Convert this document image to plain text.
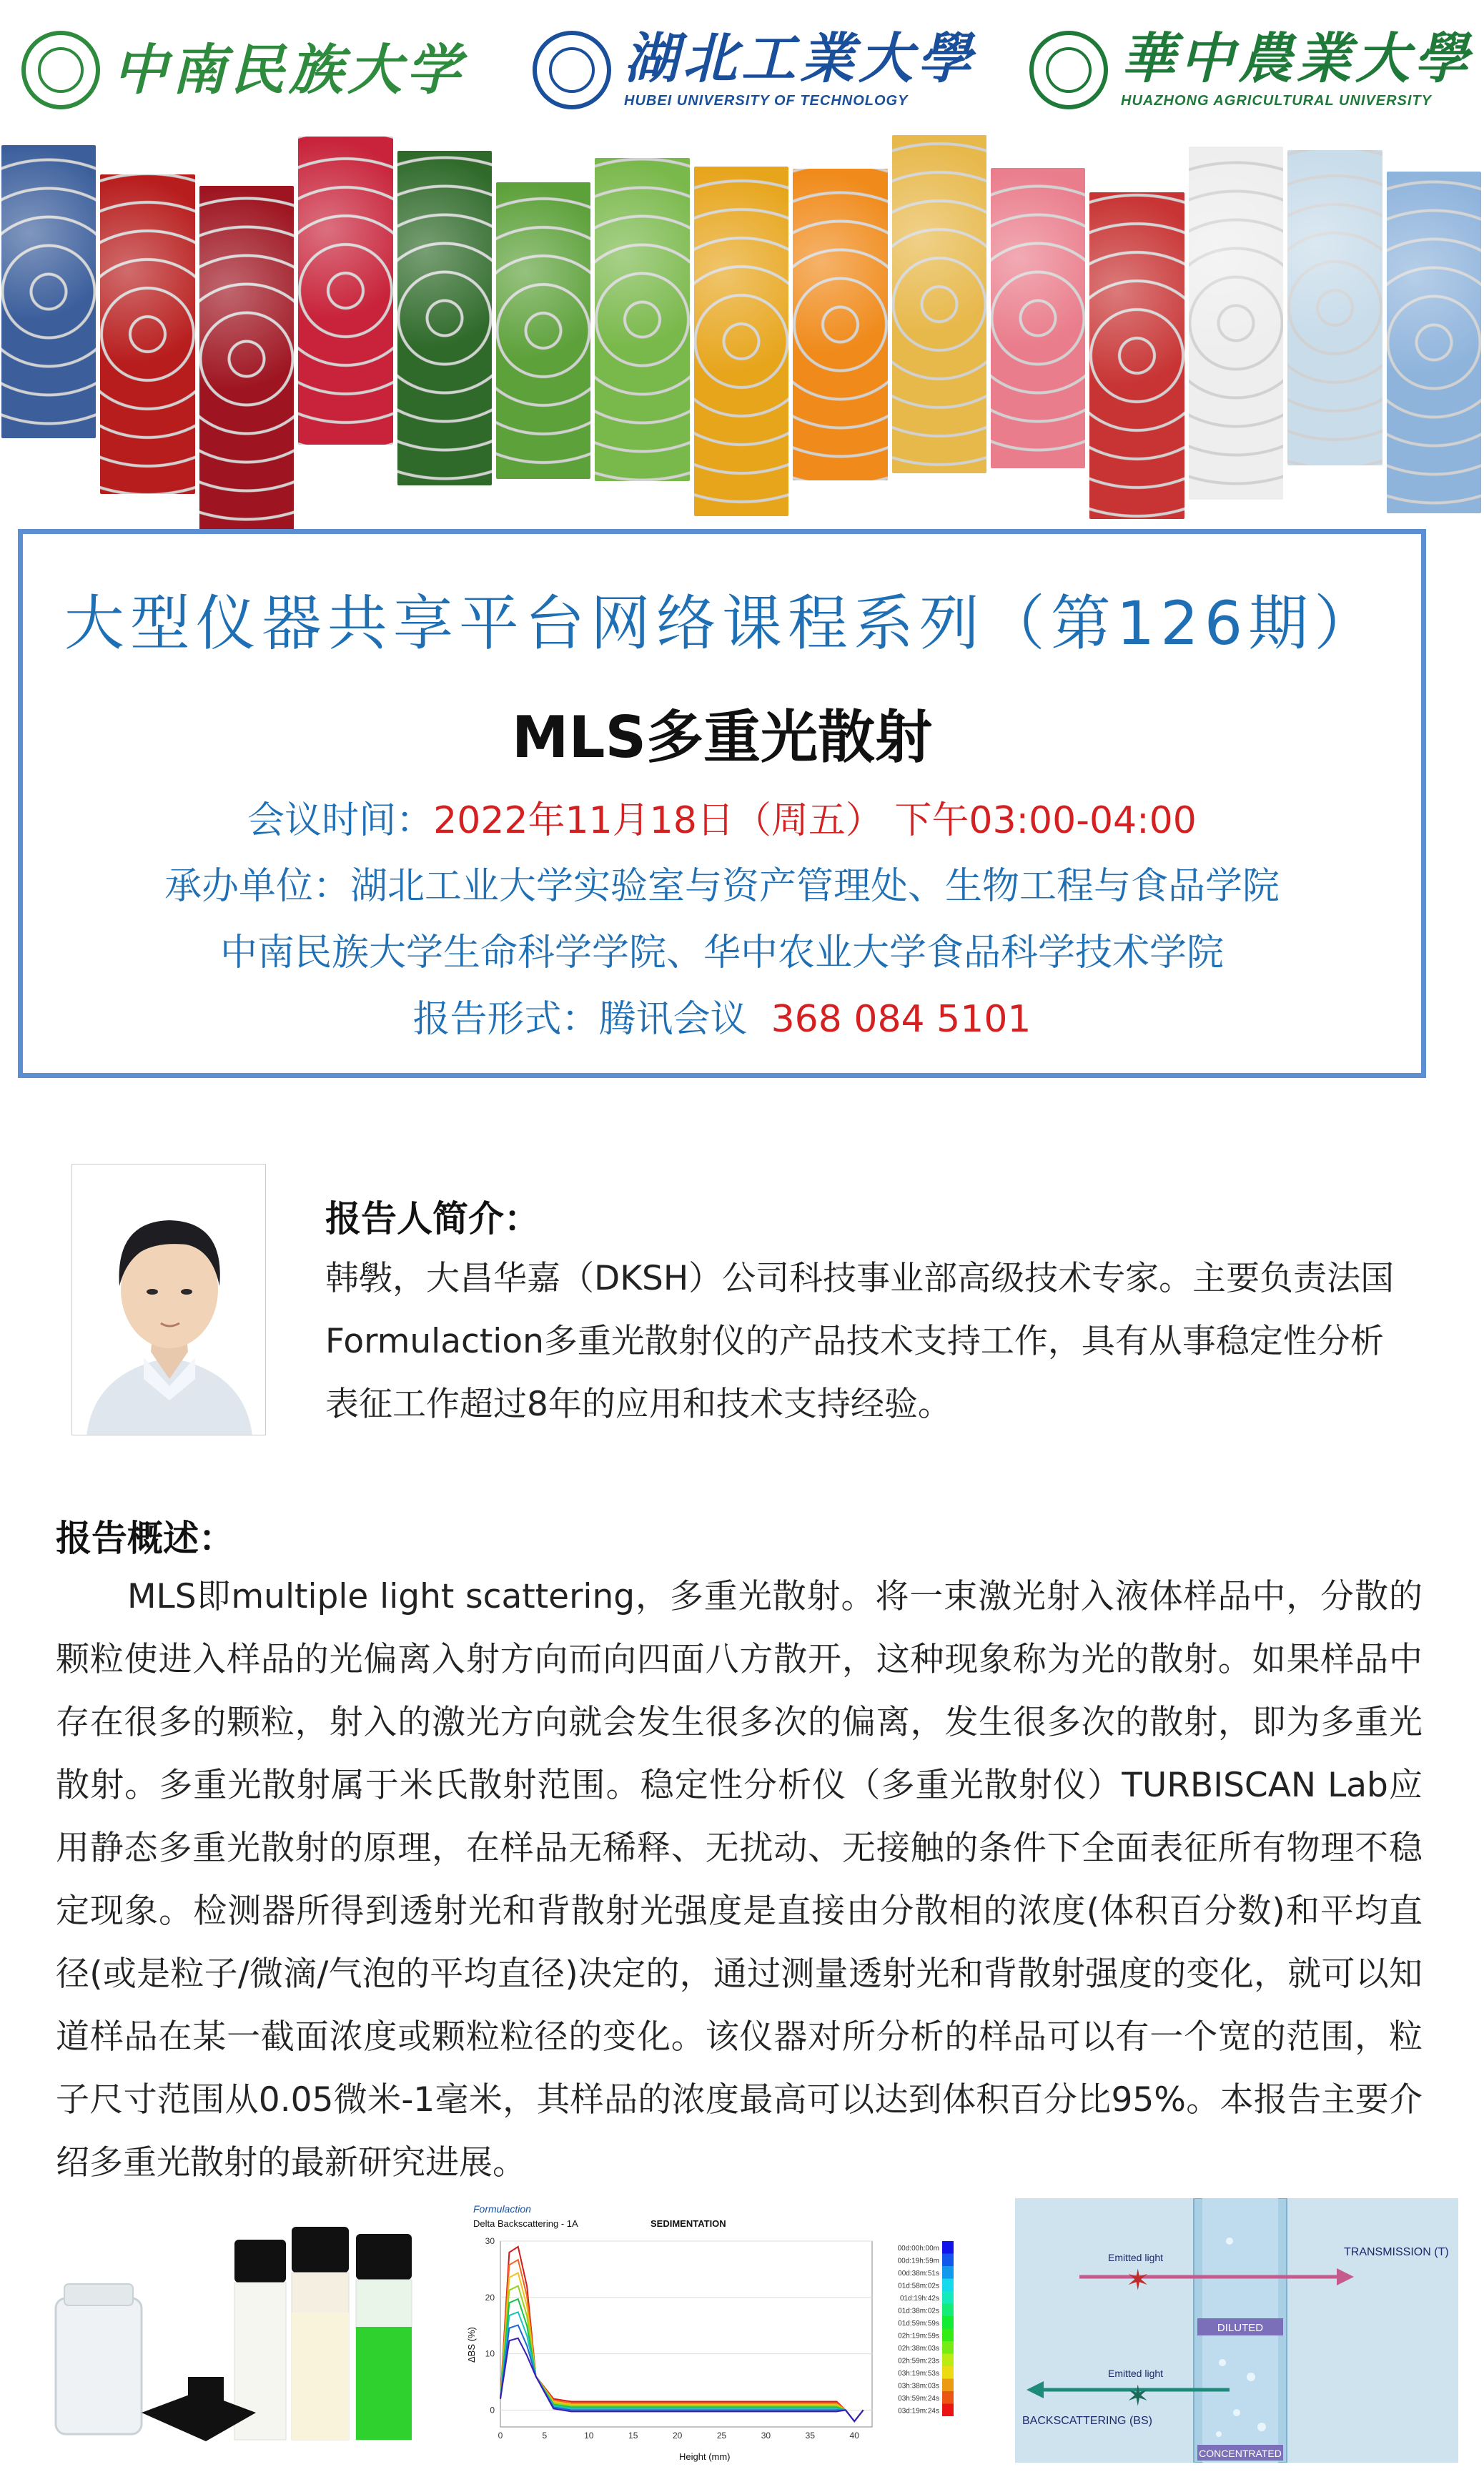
中南民族大学	湖北工業大學
HUBEI UNIVERSITY OF TECHNOLOGY
華中農業大學
HUAZHONG AGRICULTURAL UNIVERSITY
大型仪器共享平台网络课程系列（第126期）
MLS多重光散射
会议时间：2022年11月18日（周五） 下午03:00-04:00
承办单位：湖北工业大学实验室与资产管理处、生物工程与食品学院
中南民族大学生命科学学院、华中农业大学食品科学技术学院
报告形式：腾讯会议 368 084 5101
报告人简介：
韩斅，大昌华嘉（DKSH）公司科技事业部高级技术专家。主要负责法国Formulaction多重光散射仪的产品技术支持工作，具有从事稳定性分析表征工作超过8年的应用和技术支持经验。
报告概述：
MLS即multiple light scattering，多重光散射。将一束激光射入液体样品中，分散的颗粒使进入样品的光偏离入射方向而向四面八方散开，这种现象称为光的散射。如果样品中存在很多的颗粒，射入的激光方向就会发生很多次的偏离，发生很多次的散射，即为多重光散射。多重光散射属于米氏散射范围。稳定性分析仪（多重光散射仪）TURBISCAN Lab应用静态多重光散射的原理，在样品无稀释、无扰动、无接触的条件下全面表征所有物理不稳定现象。检测器所得到透射光和背散射光强度是直接由分散相的浓度(体积百分数)和平均直径(或是粒子/微滴/气泡的平均直径)决定的，通过测量透射光和背散射强度的变化，就可以知道样品在某一截面浓度或颗粒粒径的变化。该仪器对所分析的样品可以有一个宽的范围，粒子尺寸范围从0.05微米-1毫米，其样品的浓度最高可以达到体积百分比95%。本报告主要介绍多重光散射的最新研究进展。
Formulaction
Delta Backscattering - 1A	SEDIMENTATION
Height (mm)
ΔBS (%)
30
20
10
0
0	5	10	15	20	25	30	35	40
00d:00h:00m
00d:19h:59m
00d:38m:51s
01d:58m:02s
01d:19h:42s
01d:38m:02s
01d:59m:59s
02h:19m:59s
02h:38m:03s
02h:59m:23s
03h:19m:53s
03h:38m:03s
03h:59m:24s
03d:19m:24s
DILUTED
CONCENTRATED
TRANSMISSION (T)
BACKSCATTERING (BS)
Emitted light
Emitted light
✶
✶
